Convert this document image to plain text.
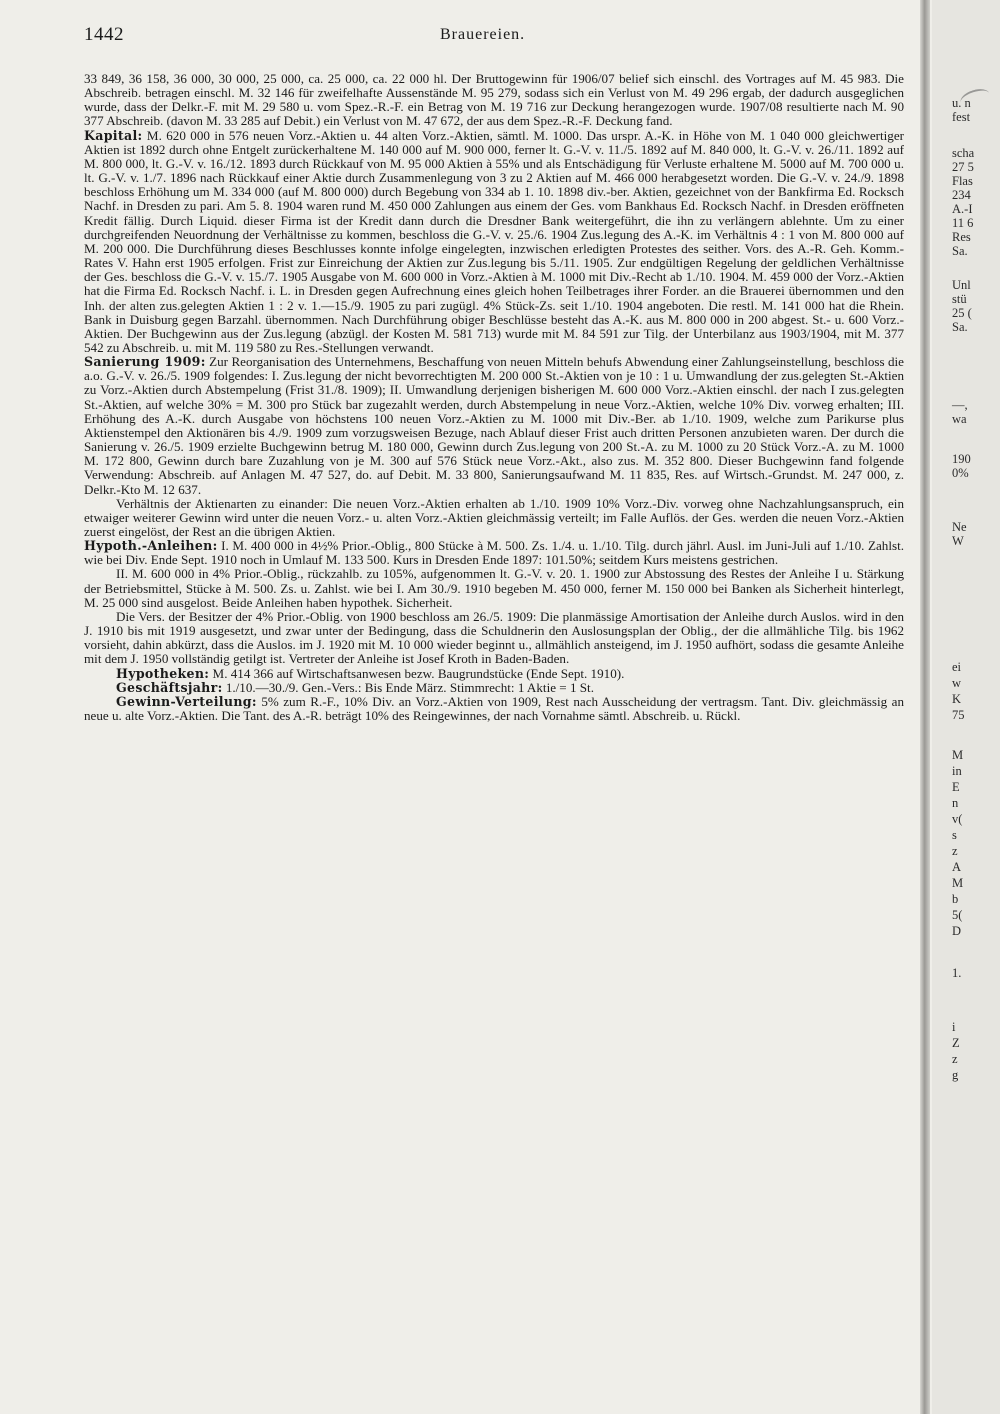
1442	Brauereien.

33 849, 36 158, 36 000, 30 000, 25 000, ca. 25 000, ca. 22 000 hl. Der Bruttogewinn für 1906/07 belief sich einschl. des Vortrages auf M. 45 983. Die Abschreib. betragen einschl. M. 32 146 für zweifelhafte Aussenstände M. 95 279, sodass sich ein Verlust von M. 49 296 ergab, der dadurch ausgeglichen wurde, dass der Delkr.-F. mit M. 29 580 u. vom Spez.-R.-F. ein Betrag von M. 19 716 zur Deckung herangezogen wurde. 1907/08 resultierte nach M. 90 377 Abschreib. (davon M. 33 285 auf Debit.) ein Verlust von M. 47 672, der aus dem Spez.-R.-F. Deckung fand.

Kapital: M. 620 000 in 576 neuen Vorz.-Aktien u. 44 alten Vorz.-Aktien, sämtl. M. 1000. Das urspr. A.-K. in Höhe von M. 1 040 000 gleichwertiger Aktien ist 1892 durch ohne Entgelt zurückerhaltene M. 140 000 auf M. 900 000, ferner lt. G.-V. v. 11./5. 1892 auf M. 840 000, lt. G.-V. v. 26./11. 1892 auf M. 800 000, lt. G.-V. v. 16./12. 1893 durch Rückkauf von M. 95 000 Aktien à 55% und als Entschädigung für Verluste erhaltene M. 5000 auf M. 700 000 u. lt. G.-V. v. 1./7. 1896 nach Rückkauf einer Aktie durch Zusammenlegung von 3 zu 2 Aktien auf M. 466 000 herabgesetzt worden. Die G.-V. v. 24./9. 1898 beschloss Erhöhung um M. 334 000 (auf M. 800 000) durch Begebung von 334 ab 1. 10. 1898 div.-ber. Aktien, gezeichnet von der Bankfirma Ed. Rocksch Nachf. in Dresden zu pari. Am 5. 8. 1904 waren rund M. 450 000 Zahlungen aus einem der Ges. vom Bankhaus Ed. Rocksch Nachf. in Dresden eröffneten Kredit fällig. Durch Liquid. dieser Firma ist der Kredit dann durch die Dresdner Bank weitergeführt, die ihn zu verlängern ablehnte. Um zu einer durchgreifenden Neuordnung der Verhältnisse zu kommen, beschloss die G.-V. v. 25./6. 1904 Zus.legung des A.-K. im Verhältnis 4 : 1 von M. 800 000 auf M. 200 000. Die Durchführung dieses Beschlusses konnte infolge eingelegten, inzwischen erledigten Protestes des seither. Vors. des A.-R. Geh. Komm.-Rates V. Hahn erst 1905 erfolgen. Frist zur Einreichung der Aktien zur Zus.legung bis 5./11. 1905. Zur endgültigen Regelung der geldlichen Verhältnisse der Ges. beschloss die G.-V. v. 15./7. 1905 Ausgabe von M. 600 000 in Vorz.-Aktien à M. 1000 mit Div.-Recht ab 1./10. 1904. M. 459 000 der Vorz.-Aktien hat die Firma Ed. Rocksch Nachf. i. L. in Dresden gegen Aufrechnung eines gleich hohen Teilbetrages ihrer Forder. an die Brauerei übernommen und den Inh. der alten zus.gelegten Aktien 1 : 2 v. 1.—15./9. 1905 zu pari zugügl. 4% Stück-Zs. seit 1./10. 1904 angeboten. Die restl. M. 141 000 hat die Rhein. Bank in Duisburg gegen Barzahl. übernommen. Nach Durchführung obiger Beschlüsse besteht das A.-K. aus M. 800 000 in 200 abgest. St.- u. 600 Vorz.-Aktien. Der Buchgewinn aus der Zus.legung (abzügl. der Kosten M. 581 713) wurde mit M. 84 591 zur Tilg. der Unterbilanz aus 1903/1904, mit M. 377 542 zu Abschreib. u. mit M. 119 580 zu Res.-Stellungen verwandt.

Sanierung 1909: Zur Reorganisation des Unternehmens, Beschaffung von neuen Mitteln behufs Abwendung einer Zahlungseinstellung, beschloss die a.o. G.-V. v. 26./5. 1909 folgendes: I. Zus.legung der nicht bevorrechtigten M. 200 000 St.-Aktien von je 10 : 1 u. Umwandlung der zus.gelegten St.-Aktien zu Vorz.-Aktien durch Abstempelung (Frist 31./8. 1909); II. Umwandlung derjenigen bisherigen M. 600 000 Vorz.-Aktien einschl. der nach I zus.gelegten St.-Aktien, auf welche 30% = M. 300 pro Stück bar zugezahlt werden, durch Abstempelung in neue Vorz.-Aktien, welche 10% Div. vorweg erhalten; III. Erhöhung des A.-K. durch Ausgabe von höchstens 100 neuen Vorz.-Aktien zu M. 1000 mit Div.-Ber. ab 1./10. 1909, welche zum Parikurse plus Aktienstempel den Aktionären bis 4./9. 1909 zum vorzugsweisen Bezuge, nach Ablauf dieser Frist auch dritten Personen anzubieten waren. Der durch die Sanierung v. 26./5. 1909 erzielte Buchgewinn betrug M. 180 000, Gewinn durch Zus.legung von 200 St.-A. zu M. 1000 zu 20 Stück Vorz.-A. zu M. 1000 M. 172 800, Gewinn durch bare Zuzahlung von je M. 300 auf 576 Stück neue Vorz.-Akt., also zus. M. 352 800. Dieser Buchgewinn fand folgende Verwendung: Abschreib. auf Anlagen M. 47 527, do. auf Debit. M. 33 800, Sanierungsaufwand M. 11 835, Res. auf Wirtsch.-Grundst. M. 247 000, z. Delkr.-Kto M. 12 637.

Verhältnis der Aktienarten zu einander: Die neuen Vorz.-Aktien erhalten ab 1./10. 1909 10% Vorz.-Div. vorweg ohne Nachzahlungsanspruch, ein etwaiger weiterer Gewinn wird unter die neuen Vorz.- u. alten Vorz.-Aktien gleichmässig verteilt; im Falle Auflös. der Ges. werden die neuen Vorz.-Aktien zuerst eingelöst, der Rest an die übrigen Aktien.

Hypoth.-Anleihen: I. M. 400 000 in 4½% Prior.-Oblig., 800 Stücke à M. 500. Zs. 1./4. u. 1./10. Tilg. durch jährl. Ausl. im Juni-Juli auf 1./10. Zahlst. wie bei Div. Ende Sept. 1910 noch in Umlauf M. 133 500. Kurs in Dresden Ende 1897: 101.50%; seitdem Kurs meistens gestrichen.

II. M. 600 000 in 4% Prior.-Oblig., rückzahlb. zu 105%, aufgenommen lt. G.-V. v. 20. 1. 1900 zur Abstossung des Restes der Anleihe I u. Stärkung der Betriebsmittel, Stücke à M. 500. Zs. u. Zahlst. wie bei I. Am 30./9. 1910 begeben M. 450 000, ferner M. 150 000 bei Banken als Sicherheit hinterlegt, M. 25 000 sind ausgelost. Beide Anleihen haben hypothek. Sicherheit.

Die Vers. der Besitzer der 4% Prior.-Oblig. von 1900 beschloss am 26./5. 1909: Die planmässige Amortisation der Anleihe durch Auslos. wird in den J. 1910 bis mit 1919 ausgesetzt, und zwar unter der Bedingung, dass die Schuldnerin den Auslosungsplan der Oblig., der die allmähliche Tilg. bis 1962 vorsieht, dahin abkürzt, dass die Auslos. im J. 1920 mit M. 10 000 wieder beginnt u., allmählich ansteigend, im J. 1950 aufhört, sodass die gesamte Anleihe mit dem J. 1950 vollständig getilgt ist. Vertreter der Anleihe ist Josef Kroth in Baden-Baden.

Hypotheken: M. 414 366 auf Wirtschaftsanwesen bezw. Baugrundstücke (Ende Sept. 1910).

Geschäftsjahr: 1./10.—30./9. Gen.-Vers.: Bis Ende März. Stimmrecht: 1 Aktie = 1 St.

Gewinn-Verteilung: 5% zum R.-F., 10% Div. an Vorz.-Aktien von 1909, Rest nach Ausscheidung der vertragsm. Tant. Div. gleichmässig an neue u. alte Vorz.-Aktien. Die Tant. des A.-R. beträgt 10% des Reingewinnes, der nach Vornahme sämtl. Abschreib. u. Rückl.

u. n
fest
scha
27 5
Flas
234
A.-I
11 6
Res
Sa.
Unl
stü
25 (
Sa.
—,
wa
190
0%
Ne
W
ei
w
K
75
M
in
E
n
v(
s
z
A
M
b
5(
D
1.
i
Z
z
g
